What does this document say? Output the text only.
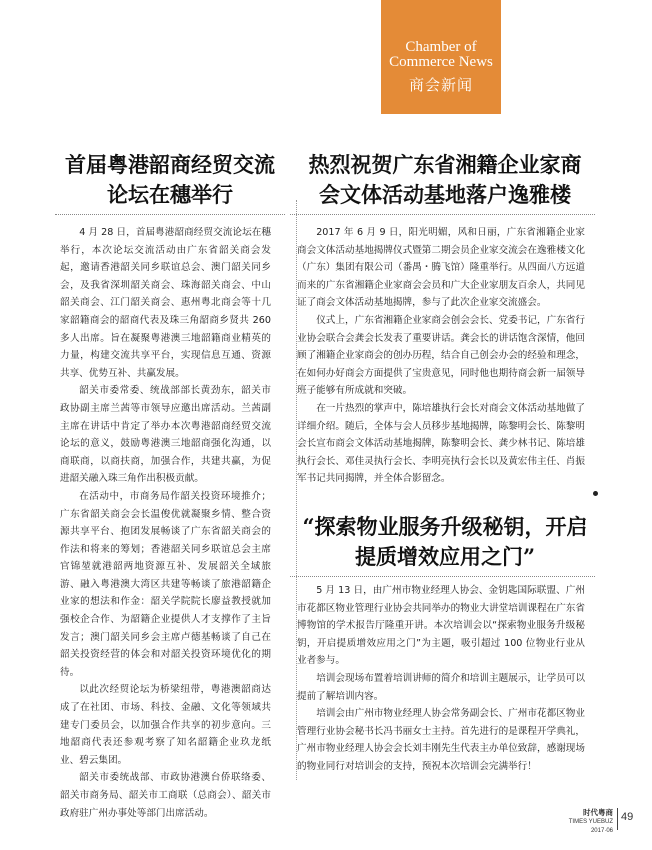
Chamber of
Commerce News
商会新闻
首届粤港韶商经贸交流论坛在穗举行
热烈祝贺广东省湘籍企业家商会文体活动基地落户逸雅楼

4 月 28 日，首届粤港韶商经贸交流论坛在穗举行，本次论坛交流活动由广东省韶关商会发起，邀请香港韶关同乡联谊总会、澳门韶关同乡会，及我省深圳韶关商会、珠海韶关商会、中山韶关商会、江门韶关商会、惠州粤北商会等十几家韶籍商会的韶商代表及珠三角韶商乡贤共 260 多人出席。旨在凝聚粤港澳三地韶籍商业精英的力量，构建交流共享平台，实现信息互通、资源共享、优势互补、共赢发展。

韶关市委常委、统战部部长黄劲东，韶关市政协副主席兰茜等市领导应邀出席活动。兰茜副主席在讲话中肯定了举办本次粤港韶商经贸交流论坛的意义，鼓励粤港澳三地韶商强化沟通，以商联商，以商扶商，加强合作，共建共赢，为促进韶关融入珠三角作出积极贡献。

在活动中，市商务局作韶关投资环境推介；广东省韶关商会会长温俊优就凝聚乡情、整合资源共享平台、抱团发展畅谈了广东省韶关商会的作法和将来的筹划；香港韶关同乡联谊总会主席官锦堃就港韶两地资源互补、发展韶关全域旅游、融入粤港澳大湾区共建等畅谈了旅港韶籍企业家的想法和作金：韶关学院院长廖益教授就加强校企合作、为韶籍企业提供人才支撑作了主旨发言；澳门韶关同乡会主席卢德基畅谈了自己在韶关投资经营的体会和对韶关投资环境优化的期待。

以此次经贸论坛为桥梁纽带，粤港澳韶商达成了在社团、市场、科技、金融、文化等领域共建专门委员会，以加强合作共享的初步意向。三地韶商代表还参观考察了知名韶籍企业玖龙纸业、碧云集团。

韶关市委统战部、市政协港澳台侨联络委、韶关市商务局、韶关市工商联（总商会）、韶关市政府驻广州办事处等部门出席活动。

2017 年 6 月 9 日，阳光明媚，风和日丽，广东省湘籍企业家商会文体活动基地揭牌仪式暨第二期会员企业家交流会在逸雅楼文化（广东）集团有限公司（番禺・腾飞馆）隆重举行。从四面八方远道而来的广东省湘籍企业家商会会员和广大企业家朋友百余人，共同见证了商会文体活动基地揭牌，参与了此次企业家交流盛会。

仪式上，广东省湘籍企业家商会创会会长、党委书记，广东省行业协会联合会龚会长发表了重要讲话。龚会长的讲话饱含深情，他回顾了湘籍企业家商会的创办历程，结合自己创会办会的经验和理念，在如何办好商会方面提供了宝贵意见，同时他也期待商会新一届领导班子能够有所成就和突破。

在一片热烈的掌声中，陈培雄执行会长对商会文体活动基地做了详细介绍。随后，全体与会人员移步基地揭牌，陈黎明会长、陈黎明会长宣布商会文体活动基地揭牌，陈黎明会长、龚少林书记、陈培雄执行会长、邓佳灵执行会长、李明亮执行会长以及黄宏伟主任、肖振军书记共同揭牌，并全体合影留念。

“探索物业服务升级秘钥，开启提质增效应用之门”

5 月 13 日，由广州市物业经理人协会、金钥匙国际联盟、广州市花都区物业管理行业协会共同举办的物业大讲堂培训课程在广东省博物馆的学术报告厅隆重开讲。本次培训会以“探索物业服务升级秘钥，开启提质增效应用之门”为主题，吸引超过 100 位物业行业从业者参与。

培训会现场布置着培训讲师的简介和培训主题展示，让学员可以提前了解培训内容。

培训会由广州市物业经理人协会常务副会长、广州市花都区物业管理行业协会秘书长冯书丽女士主持。首先进行的是课程开学典礼，广州市物业经理人协会会长刘丰刚先生代表主办单位致辞，感谢现场的物业同行对培训会的支持，预祝本次培训会完满举行！

时代粤商
TIMES YUEBUZ 2017·06
49
